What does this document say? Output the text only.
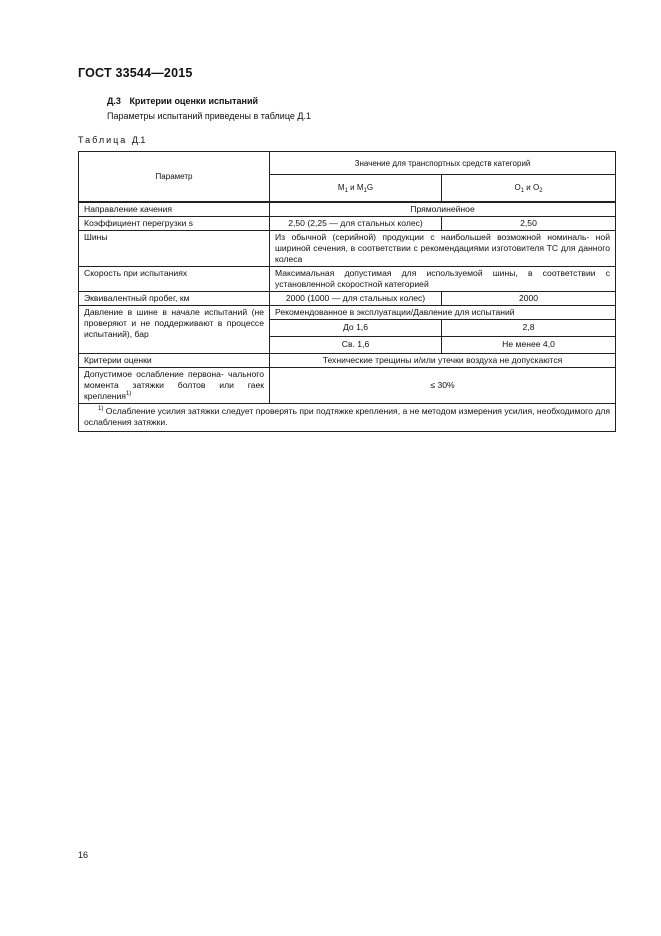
ГОСТ 33544—2015
Д.3 Критерии оценки испытаний
Параметры испытаний приведены в таблице Д.1
Таблица Д.1
Параметр	Значение для транспортных средств категорий	
	$M_1$ и $M_1G$	$O_1$ и $O_2$
Направление качения	Прямолинейное	
Коэффициент перегрузки s	2,50 (2,25 — для стальных колес)	2,50
Шины	Из обычной (серийной) продукции с наибольшей возможной номиналь- ной шириной сечения, в соответствии с рекомендациями изготовителя ТС для данного колеса	
Скорость при испытаниях	Максимальная допустимая для используемой шины, в соответствии с установленной скоростной категорией	
Эквивалентный пробег, км	2000 (1000 — для стальных колес)	2000
Давление в шине в начале испытаний (не проверяют и не поддерживают в процессе испытаний), бар	Рекомендованное в эксплуатации/Давление для испытаний	
	До 1,6	2,8
	Св. 1,6	Не менее 4,0
Критерии оценки	Технические трещины и/или утечки воздуха не допускаются	
Допустимое ослабление первона- чального момента затяжки болтов или гаек крепления$^{1)}$	≤ 30%	
$^{1)}$ Ослабление усилия затяжки следует проверять при подтяжке крепления, а не методом измерения усилия, необходимого для ослабления затяжки.		
16
